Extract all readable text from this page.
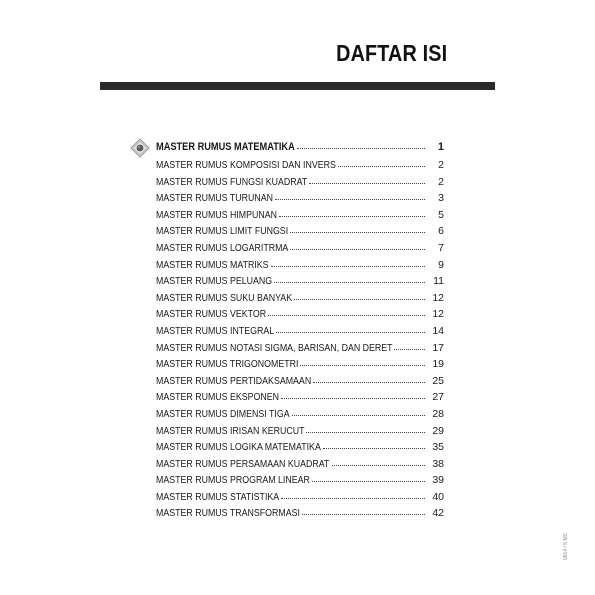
DAFTAR ISI
MASTER RUMUS MATEMATIKA	1
MASTER RUMUS KOMPOSISI DAN INVERS	2
MASTER RUMUS FUNGSI KUADRAT	2
MASTER RUMUS TURUNAN	3
MASTER RUMUS HIMPUNAN	5
MASTER RUMUS LIMIT FUNGSI	6
MASTER RUMUS LOGARITRMA	7
MASTER RUMUS MATRIKS	9
MASTER RUMUS PELUANG	11
MASTER RUMUS SUKU BANYAK	12
MASTER RUMUS VEKTOR	12
MASTER RUMUS INTEGRAL	14
MASTER RUMUS NOTASI SIGMA, BARISAN, DAN DERET	17
MASTER RUMUS TRIGONOMETRI	19
MASTER RUMUS PERTIDAKSAMAAN	25
MASTER RUMUS EKSPONEN	27
MASTER RUMUS DIMENSI TIGA	28
MASTER RUMUS IRISAN KERUCUT	29
MASTER RUMUS LOGIKA MATEMATIKA	35
MASTER RUMUS PERSAMAAN KUADRAT	38
MASTER RUMUS PROGRAM LINEAR	39
MASTER RUMUS STATISTIKA	40
MASTER RUMUS TRANSFORMASI	42
0814 / 5 MC
